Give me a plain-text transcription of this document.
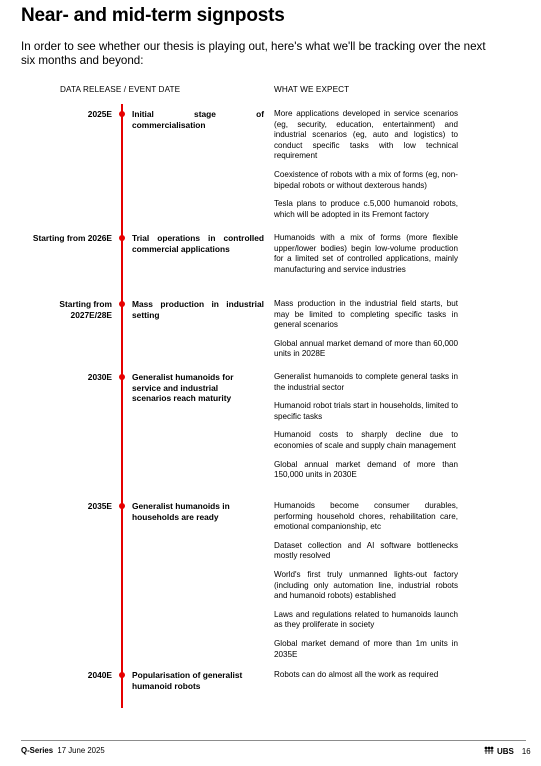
Near- and mid-term signposts
In order to see whether our thesis is playing out, here's what we'll be tracking over the next six months and beyond:
DATA RELEASE / EVENT DATE	WHAT WE EXPECT
2025E Initial stage of commercialisation

More applications developed in service scenarios (eg, security, education, entertainment) and industrial scenarios (eg, auto and logistics) to conduct specific tasks with low technical requirement

Coexistence of robots with a mix of forms (eg, non-bipedal robots or without dexterous hands)

Tesla plans to produce c.5,000 humanoid robots, which will be adopted in its Fremont factory

Starting from 2026E Trial operations in controlled commercial applications

Humanoids with a mix of forms (more flexible upper/lower bodies) begin low-volume production for a limited set of controlled applications, mainly manufacturing and service industries

Starting from 2027E/28E
Mass production in industrial setting

Mass production in the industrial field starts, but may be limited to completing specific tasks in general scenarios

Global annual market demand of more than 60,000 units in 2028E

2030E Generalist humanoids for service and industrial scenarios reach maturity

Generalist humanoids to complete general tasks in the industrial sector

Humanoid robot trials start in households, limited to specific tasks

Humanoid costs to sharply decline due to economies of scale and supply chain management

Global annual market demand of more than 150,000 units in 2030E

2035E Generalist humanoids in households are ready

Humanoids become consumer durables, performing household chores, rehabilitation care, emotional companionship, etc

Dataset collection and AI software bottlenecks mostly resolved

World's first truly unmanned lights-out factory (including only automation line, industrial robots and humanoid robots) established

Laws and regulations related to humanoids launch as they proliferate in society

Global market demand of more than 1m units in 2035E

2040E Popularisation of generalist humanoid robots

Robots can do almost all the work as required

Q-Series 17 June 2025	UBS 16
